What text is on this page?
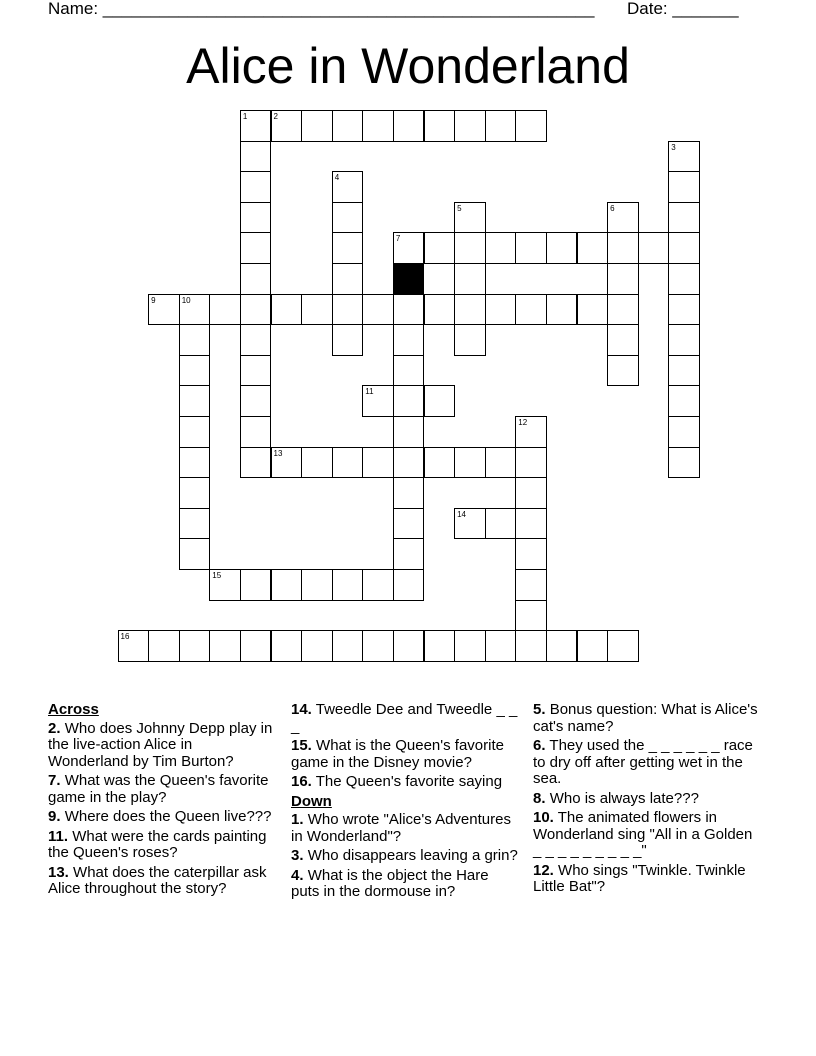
Name: ____________________________________________________ Date: _______
Alice in Wonderland
2
7
9	10
11
13
14
15
16
1
3
4
5	6
8
12
Across
2. Who does Johnny Depp play in the live-action Alice in Wonderland by Tim Burton?
7. What was the Queen's favorite game in the play?
9. Where does the Queen live???
11. What were the cards painting the Queen's roses?
13. What does the caterpillar ask Alice throughout the story?
14. Tweedle Dee and Tweedle _ _ _
15. What is the Queen's favorite game in the Disney movie?
16. The Queen's favorite saying
Down
1. Who wrote "Alice's Adventures in Wonderland"?
3. Who disappears leaving a grin?
4. What is the object the Hare puts in the dormouse in?
5. Bonus question: What is Alice's cat's name?
6. They used the _ _ _ _ _ _ race to dry off after getting wet in the sea.
8. Who is always late???
10. The animated flowers in Wonderland sing "All in a Golden _ _ _ _ _ _ _ _ _"
12. Who sings "Twinkle. Twinkle Little Bat"?
